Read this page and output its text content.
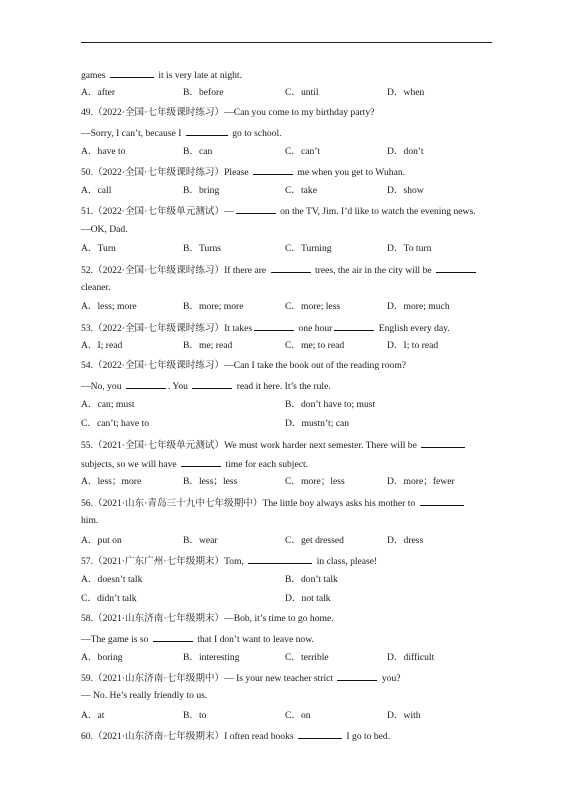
games	it is very late at night.
A．after	B．before	C．until	D．when
49.（2022·全国·七年级课时练习）—Can you come to my birthday party?
—Sorry, I can’t, because I	go to school.
A．have to	B．can	C．can’t	D．don’t
50.（2022·全国·七年级课时练习）Please	me when you get to Wuhan.
A．call	B．bring	C．take	D．show
51.（2022·全国·七年级单元测试）—	on the TV, Jim. I’d like to watch the evening news.
—OK, Dad.
A．Turn	B．Turns	C．Turning	D．To turn
52.（2022·全国·七年级课时练习）If there are	trees, the air in the city will be
cleaner.
A．less; more	B．more; more	C．more; less	D．more; much
53.（2022·全国·七年级课时练习）It takes	one hour	English every day.
A．I; read	B．me; read	C．me; to read	D．I; to read
54.（2022·全国·七年级课时练习）—Can I take the book out of the reading room?
—No, you	. You	read it here. It’s the rule.
A．can; must	B．don’t have to; must
C．can’t; have to	D．mustn’t; can
55.（2021·全国·七年级单元测试）We must work harder next semester. There will be
subjects, so we will have	time for each subject.
A．less；more	B．less；less	C．more；less	D．more；fewer
56.（2021·山东·青岛三十九中七年级期中）The little boy always asks his mother to
him.
A．put on	B．wear	C．get dressed	D．dress
57.（2021·广东广州·七年级期末）Tom,	in class, please!
A．doesn’t talk	B．don’t talk
C．didn’t talk	D．not talk
58.（2021·山东济南·七年级期末）—Bob, it’s time to go home.
—The game is so	that I don’t want to leave now.
A．boring	B．interesting	C．terrible	D．difficult
59.（2021·山东济南·七年级期中）— Is your new teacher strict	you?
— No. He’s really friendly to us.
A．at	B．to	C．on	D．with
60.（2021·山东济南·七年级期末）I often read books	I go to bed.
